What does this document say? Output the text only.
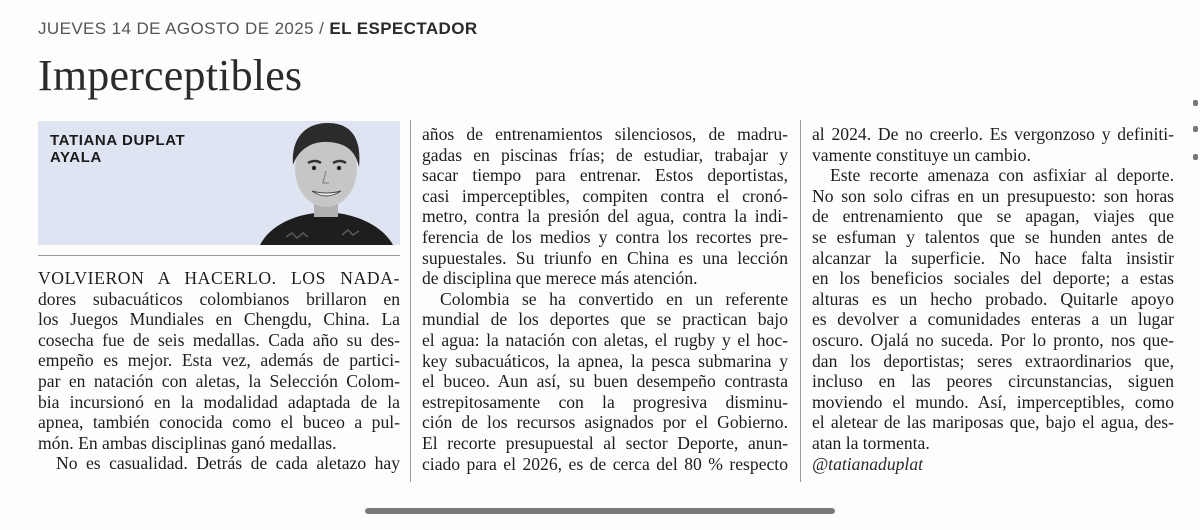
JUEVES 14 DE AGOSTO DE 2025 / EL ESPECTADOR
Imperceptibles
TATIANA DUPLAT
AYALA

VOLVIERON A HACERLO. LOS NADA-
dores subacuáticos colombianos brillaron en
los Juegos Mundiales en Chengdu, China. La
cosecha fue de seis medallas. Cada año su des-
empeño es mejor. Esta vez, además de partici-
par en natación con aletas, la Selección Colom-
bia incursionó en la modalidad adaptada de la
apnea, también conocida como el buceo a pul-
món. En ambas disciplinas ganó medallas.

No es casualidad. Detrás de cada aletazo hay

años de entrenamientos silenciosos, de madru-
gadas en piscinas frías; de estudiar, trabajar y
sacar tiempo para entrenar. Estos deportistas,
casi imperceptibles, compiten contra el cronó-
metro, contra la presión del agua, contra la indi-
ferencia de los medios y contra los recortes pre-
supuestales. Su triunfo en China es una lección
de disciplina que merece más atención.

Colombia se ha convertido en un referente
mundial de los deportes que se practican bajo
el agua: la natación con aletas, el rugby y el hoc-
key subacuáticos, la apnea, la pesca submarina y
el buceo. Aun así, su buen desempeño contrasta
estrepitosamente con la progresiva disminu-
ción de los recursos asignados por el Gobierno.
El recorte presupuestal al sector Deporte, anun-
ciado para el 2026, es de cerca del 80 % respecto

al 2024. De no creerlo. Es vergonzoso y definiti-
vamente constituye un cambio.

Este recorte amenaza con asfixiar al deporte.
No son solo cifras en un presupuesto: son horas
de entrenamiento que se apagan, viajes que
se esfuman y talentos que se hunden antes de
alcanzar la superficie. No hace falta insistir
en los beneficios sociales del deporte; a estas
alturas es un hecho probado. Quitarle apoyo
es devolver a comunidades enteras a un lugar
oscuro. Ojalá no suceda. Por lo pronto, nos que-
dan los deportistas; seres extraordinarios que,
incluso en las peores circunstancias, siguen
moviendo el mundo. Así, imperceptibles, como
el aletear de las mariposas que, bajo el agua, des-
atan la tormenta.

@tatianaduplat
